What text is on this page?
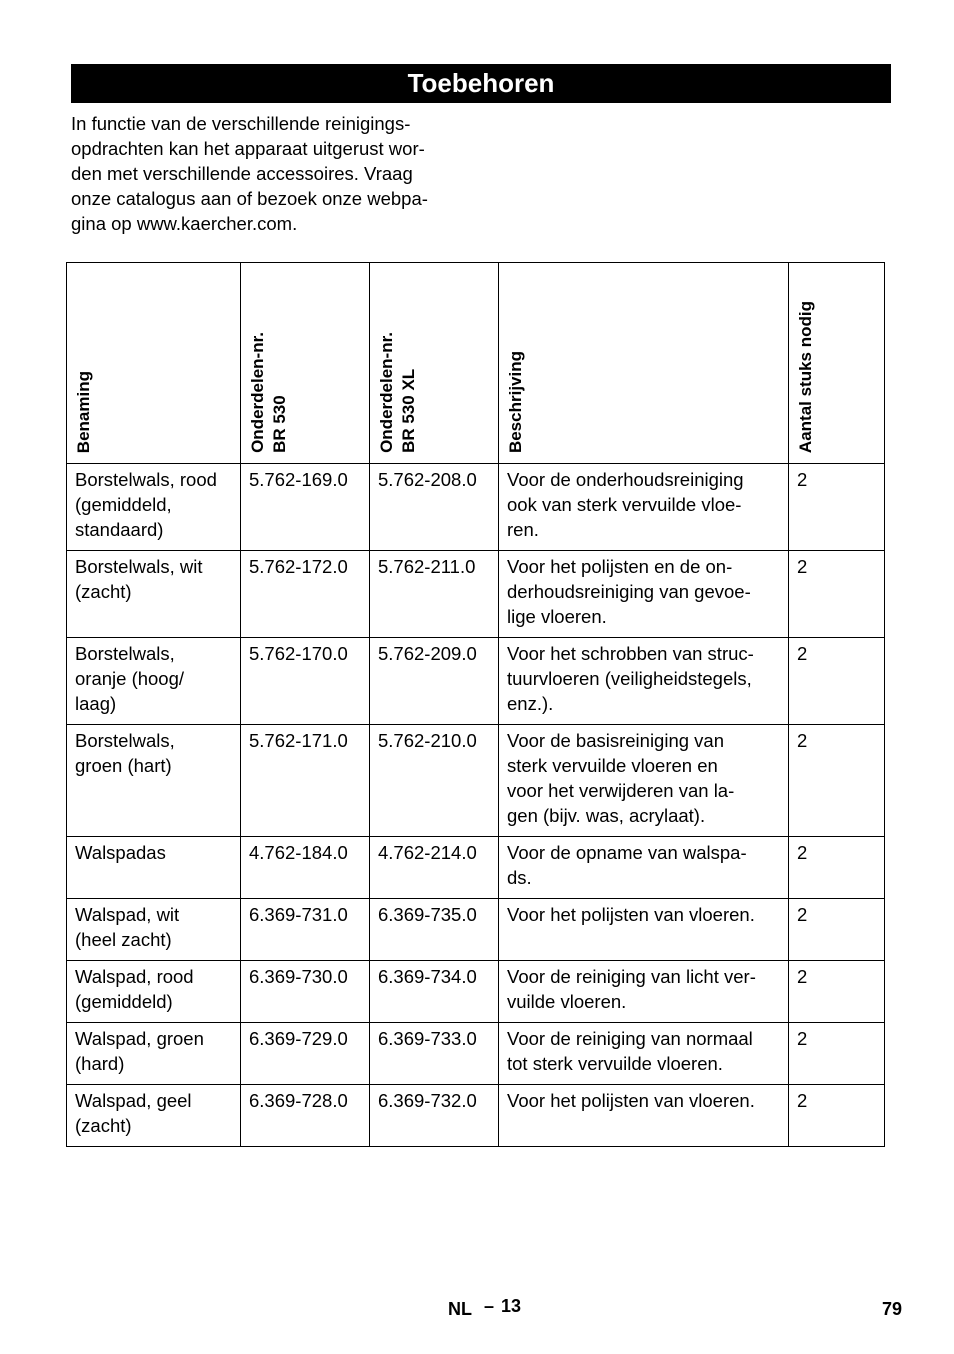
Toebehoren
In functie van de verschillende reinigings-
opdrachten kan het apparaat uitgerust wor-
den met verschillende accessoires. Vraag
onze catalogus aan of bezoek onze webpa-
gina op www.kaercher.com.
Benaming	Onderdelen-nr. BR 530	Onderdelen-nr. BR 530 XL	Beschrijving	Aantal stuks nodig

Borstelwals, rood
(gemiddeld,
standaard)	5.762-169.0	5.762-208.0	Voor de onderhoudsreiniging
ook van sterk vervuilde vloe-
ren.	2

Borstelwals, wit
(zacht)	5.762-172.0	5.762-211.0	Voor het polijsten en de on-
derhoudsreiniging van gevoe-
lige vloeren.	2

Borstelwals,
oranje (hoog/
laag)	5.762-170.0	5.762-209.0	Voor het schrobben van struc-
tuurvloeren (veiligheidstegels,
enz.).	2

Borstelwals,
groen (hart)	5.762-171.0	5.762-210.0	Voor de basisreiniging van
sterk vervuilde vloeren en
voor het verwijderen van la-
gen (bijv. was, acrylaat).	2

Walspadas	4.762-184.0	4.762-214.0	Voor de opname van walspa-
ds.	2

Walspad, wit
(heel zacht)	6.369-731.0	6.369-735.0	Voor het polijsten van vloeren.	2

Walspad, rood
(gemiddeld)	6.369-730.0	6.369-734.0	Voor de reiniging van licht ver-
vuilde vloeren.	2

Walspad, groen
(hard)	6.369-729.0	6.369-733.0	Voor de reiniging van normaal
tot sterk vervuilde vloeren.	2

Walspad, geel
(zacht)	6.369-728.0	6.369-732.0	Voor het polijsten van vloeren.	2
NL – 13	79
